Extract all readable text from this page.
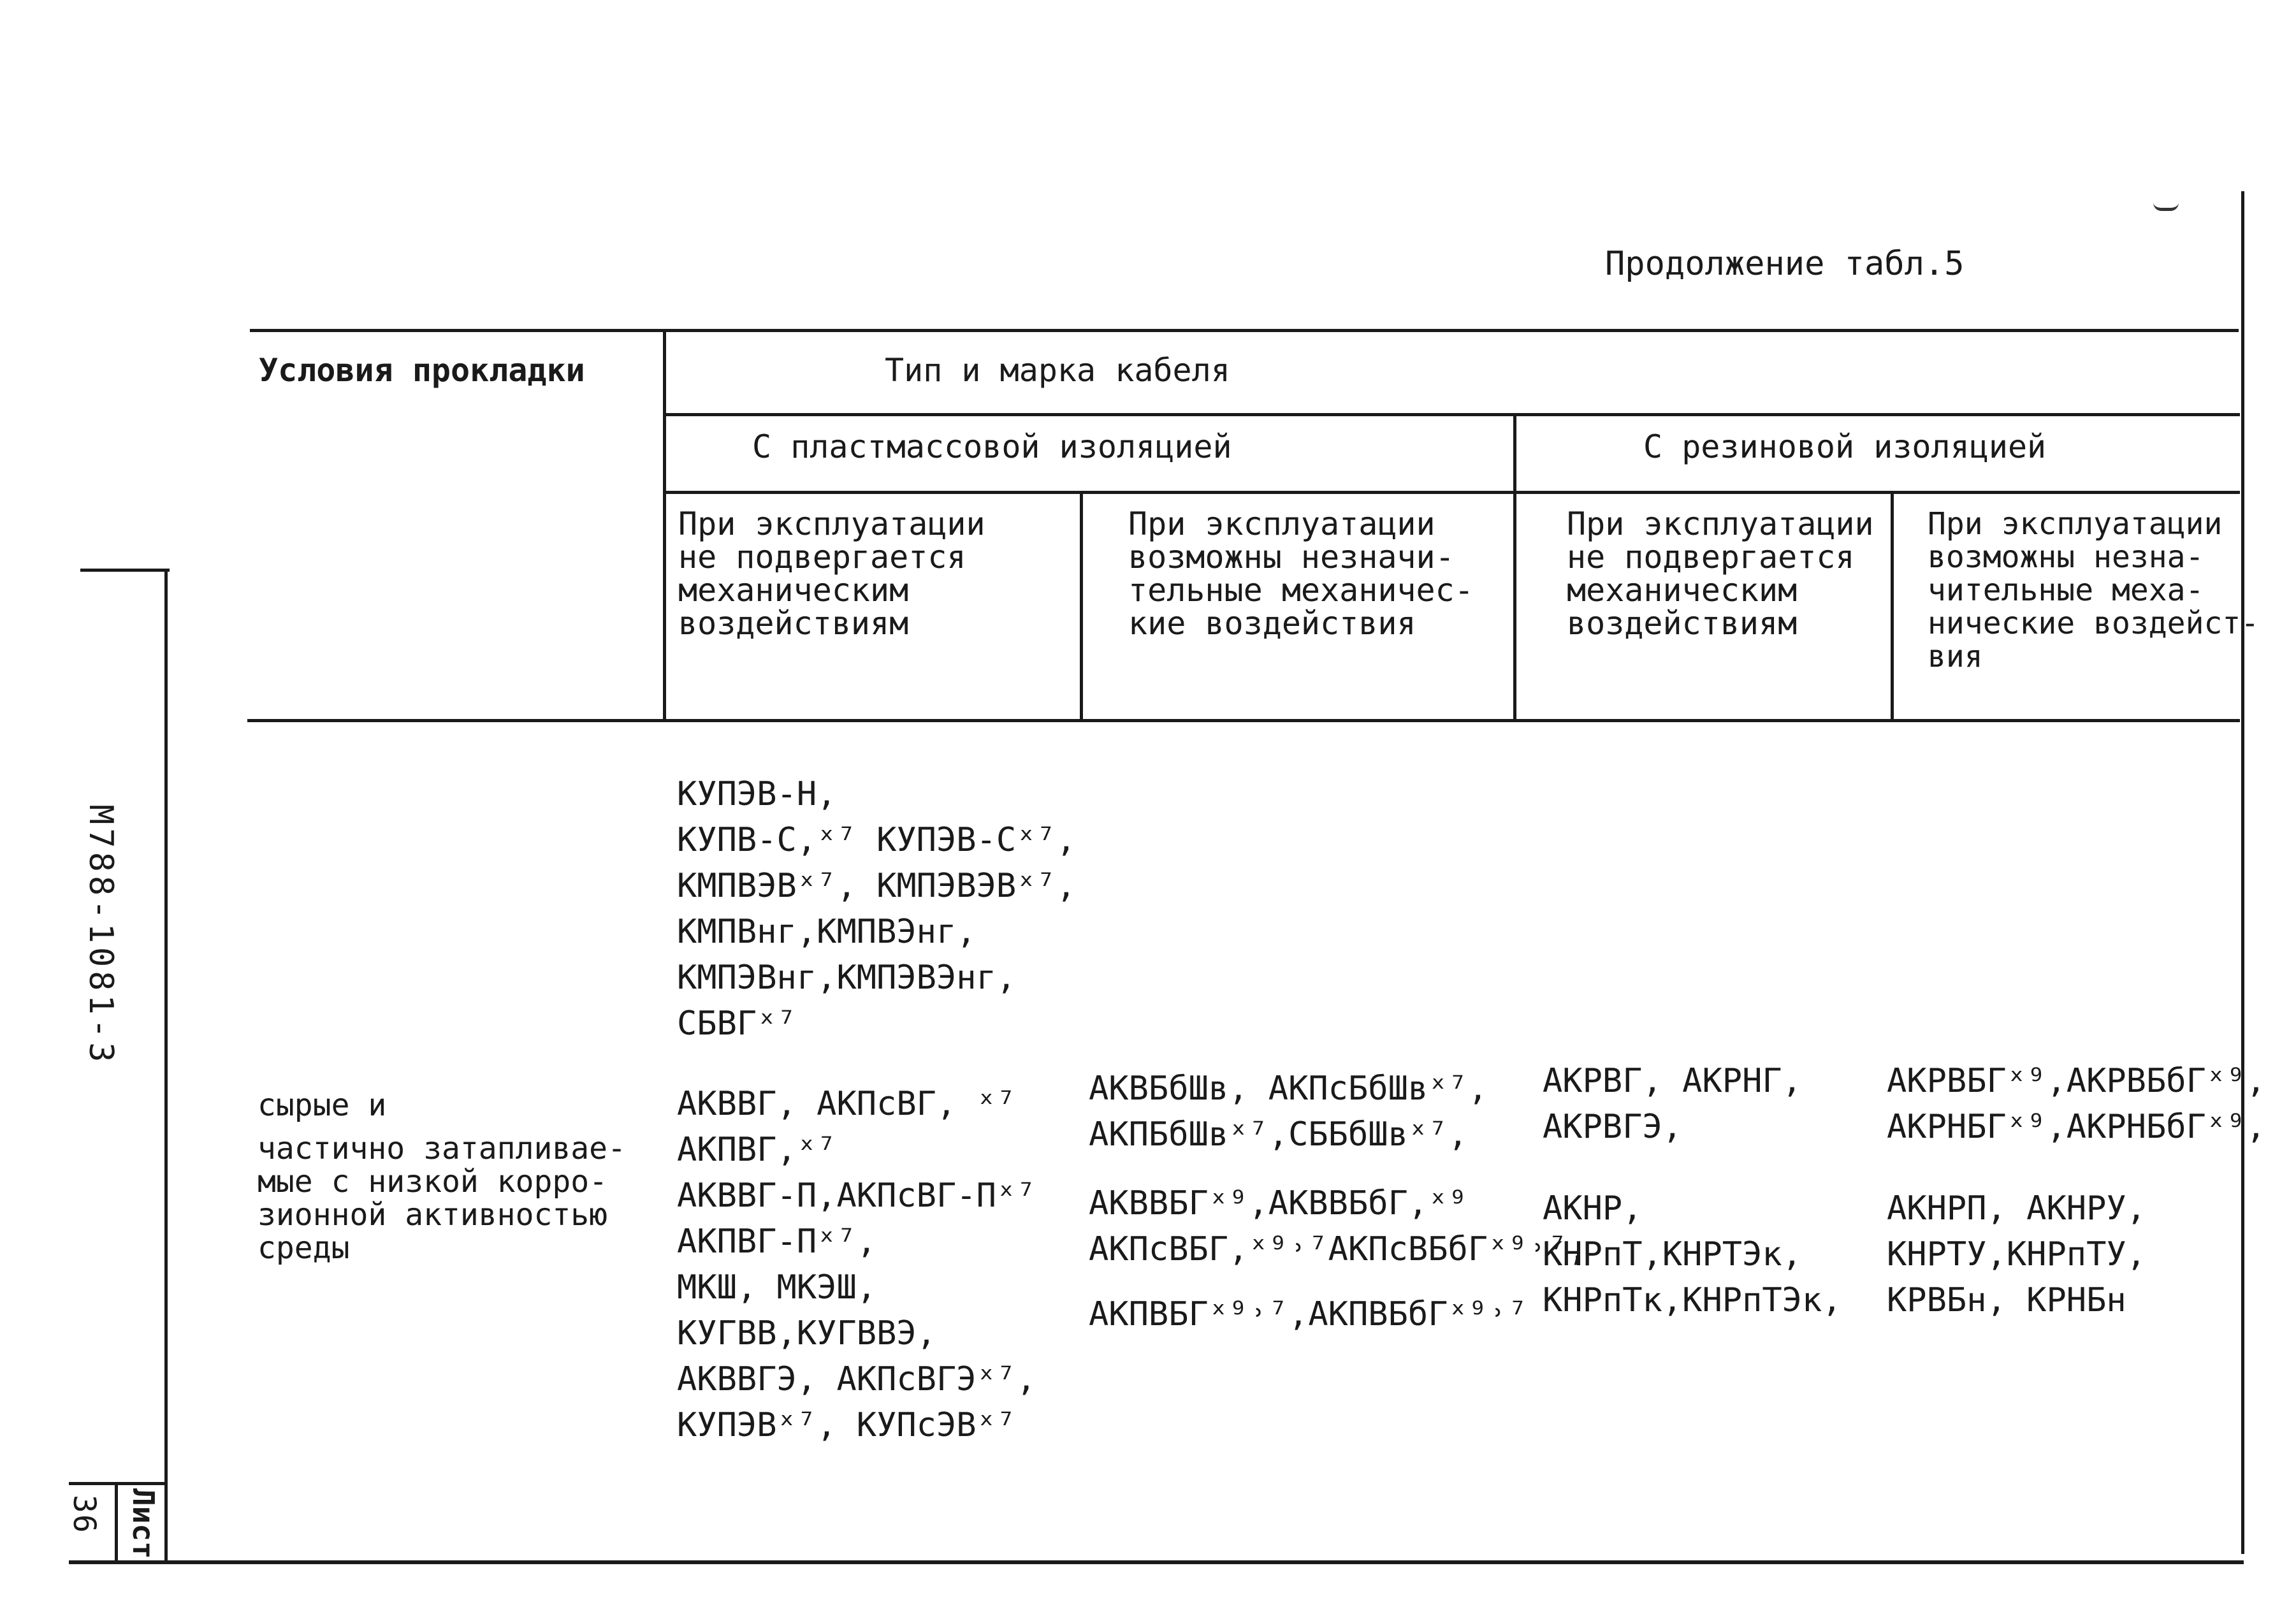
Продолжение табл.5
М788-1081-3
Лист
36
Условия прокладки	Тип и марка кабеля
С пластмассовой изоляцией	С резиновой изоляцией
При эксплуатации
не подвергается
механическим
воздействиям
При эксплуатации
возможны незначи-
тельные механичес-
кие воздействия
При эксплуатации
не подвергается
механическим
воздействиям
При эксплуатации
возможны незна-
чительные меха-
нические воздейст-
вия
сырые и
частично затапливае-
мые с низкой корро-
зионной активностью
среды
КУПЭВ-Н,
КУПВ-С,ˣ⁷ КУПЭВ-Сˣ⁷,
КМПВЭВˣ⁷, КМПЭВЭВˣ⁷,
КМПВнг,КМПВЭнг,
КМПЭВнг,КМПЭВЭнг,
СБВГˣ⁷
АКВВГ, АКПсВГ, ˣ⁷
АКПВГ,ˣ⁷
АКВВГ-П,АКПсВГ-Пˣ⁷
АКПВГ-Пˣ⁷,
МКШ, МКЭШ,
КУГВВ,КУГВВЭ,
АКВВГЭ, АКПсВГЭˣ⁷,
КУПЭВˣ⁷, КУПсЭВˣ⁷
АКВБбШв, АКПсБбШвˣ⁷,
АКПБбШвˣ⁷,СББбШвˣ⁷,
АКВВБГˣ⁹,АКВВБбГ,ˣ⁹
АКПсВБГ,ˣ⁹˒⁷АКПсВБбГˣ⁹˒⁷,
АКПВБГˣ⁹˒⁷,АКПВБбГˣ⁹˒⁷
АКРВГ, АКРНГ,
АКРВГЭ,
АКНР,
КНРпТ,КНРТЭк,
КНРпТк,КНРпТЭк,
АКРВБГˣ⁹,АКРВБбГˣ⁹,
АКРНБГˣ⁹,АКРНБбГˣ⁹,
АКНРП, АКНРУ,
КНРТУ,КНРпТУ,
КРВБн, КРНБн
